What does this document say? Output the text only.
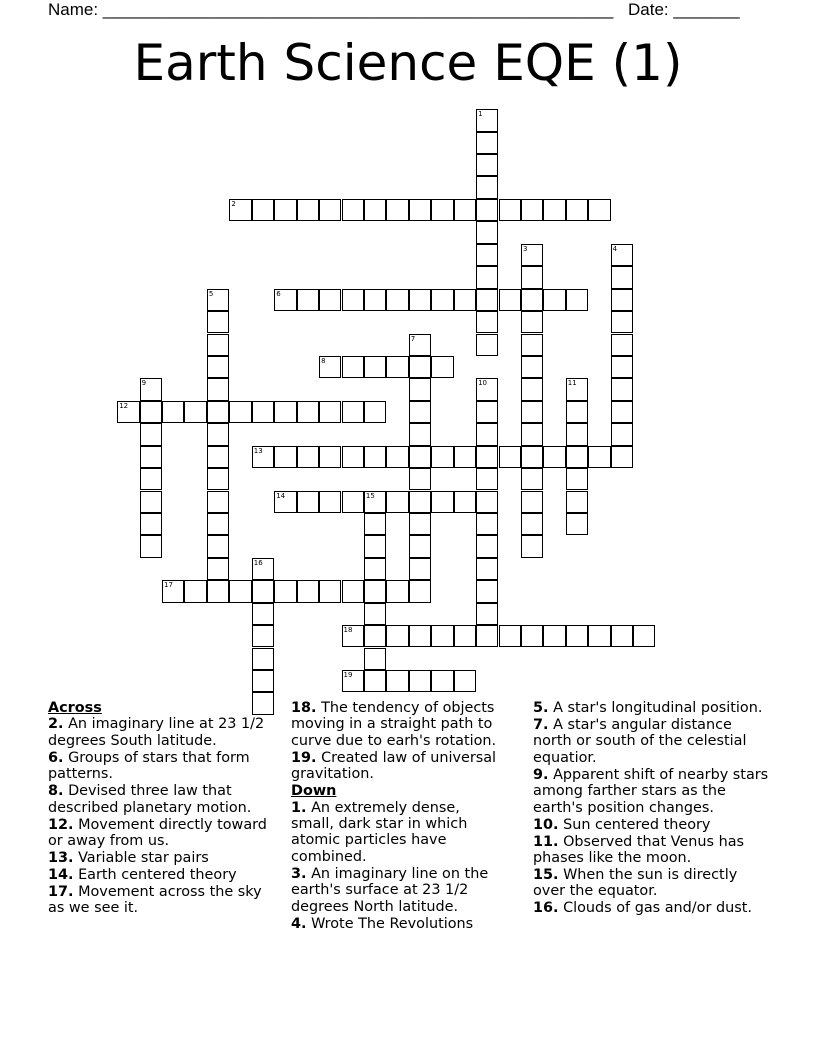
Name: ______________________________________________________ Date: _______
Earth Science EQE (1)
1
2
3	4
5	6
7
8
9	10	11
12
13
14	15
16
17
18
19
Across
2. An imaginary line at 23 1/2 degrees South latitude.
6. Groups of stars that form patterns.
8. Devised three law that described planetary motion.
12. Movement directly toward or away from us.
13. Variable star pairs
14. Earth centered theory
17. Movement across the sky as we see it.
18. The tendency of objects moving in a straight path to curve due to earh's rotation.
19. Created law of universal gravitation.
Down
1. An extremely dense, small, dark star in which atomic particles have combined.
3. An imaginary line on the earth's surface at 23 1/2 degrees North latitude.
4. Wrote The Revolutions
5. A star's longitudinal position.
7. A star's angular distance north or south of the celestial equatior.
9. Apparent shift of nearby stars among farther stars as the earth's position changes.
10. Sun centered theory
11. Observed that Venus has phases like the moon.
15. When the sun is directly over the equator.
16. Clouds of gas and/or dust.
